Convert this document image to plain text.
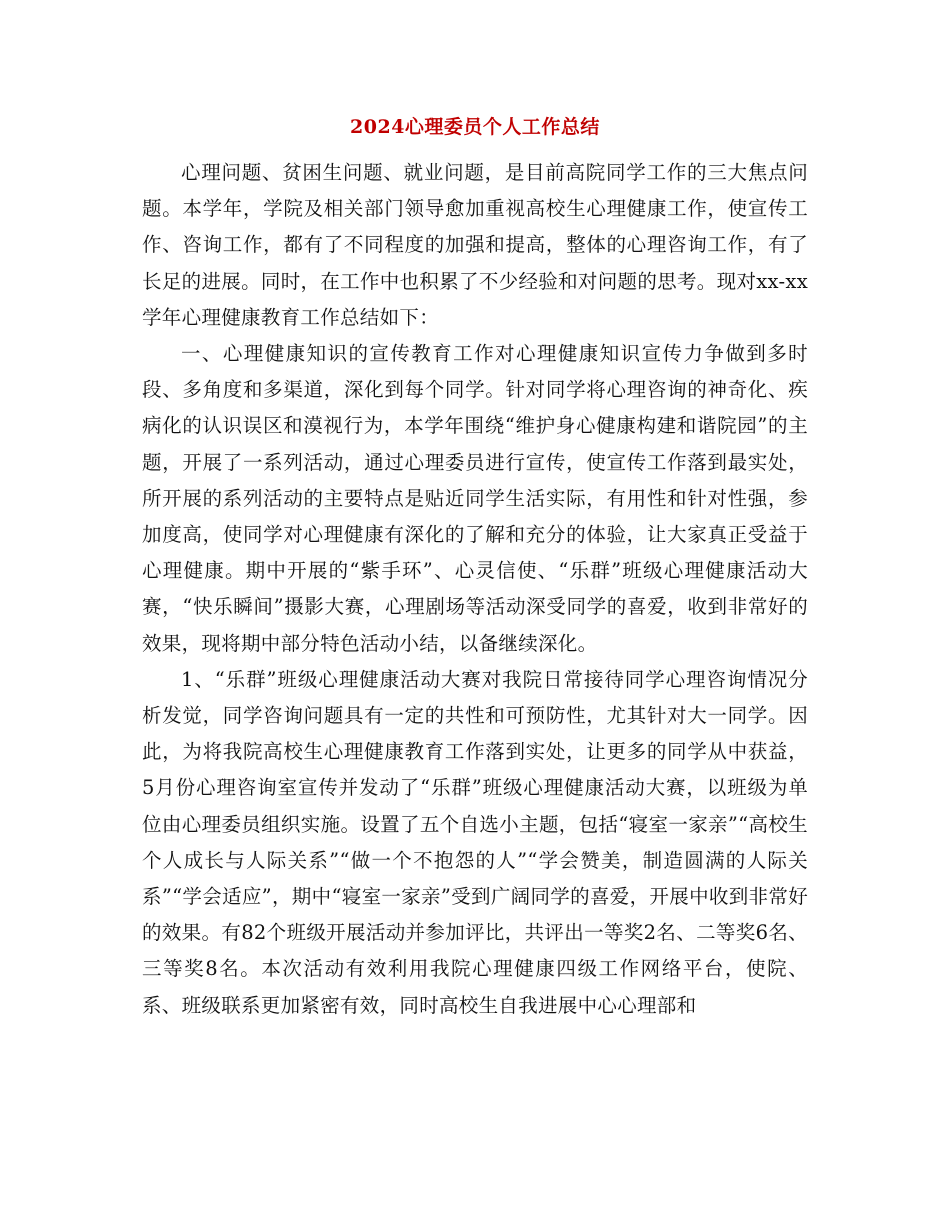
2024心理委员个人工作总结

心理问题、贫困生问题、就业问题，是目前高院同学工作的三大焦点问题。本学年，学院及相关部门领导愈加重视高校生心理健康工作，使宣传工作、咨询工作，都有了不同程度的加强和提高，整体的心理咨询工作，有了长足的进展。同时，在工作中也积累了不少经验和对问题的思考。现对xx-xx学年心理健康教育工作总结如下：

一、心理健康知识的宣传教育工作对心理健康知识宣传力争做到多时段、多角度和多渠道，深化到每个同学。针对同学将心理咨询的神奇化、疾病化的认识误区和漠视行为，本学年围绕“维护身心健康构建和谐院园”的主题，开展了一系列活动，通过心理委员进行宣传，使宣传工作落到最实处，所开展的系列活动的主要特点是贴近同学生活实际，有用性和针对性强，参加度高，使同学对心理健康有深化的了解和充分的体验，让大家真正受益于心理健康。期中开展的“紫手环”、心灵信使、“乐群”班级心理健康活动大赛，“快乐瞬间”摄影大赛，心理剧场等活动深受同学的喜爱，收到非常好的效果，现将期中部分特色活动小结，以备继续深化。

1、“乐群”班级心理健康活动大赛对我院日常接待同学心理咨询情况分析发觉，同学咨询问题具有一定的共性和可预防性，尤其针对大一同学。因此，为将我院高校生心理健康教育工作落到实处，让更多的同学从中获益，5月份心理咨询室宣传并发动了“乐群”班级心理健康活动大赛，以班级为单位由心理委员组织实施。设置了五个自选小主题，包括“寝室一家亲”“高校生个人成长与人际关系”“做一个不抱怨的人”“学会赞美，制造圆满的人际关系”“学会适应”，期中“寝室一家亲”受到广阔同学的喜爱，开展中收到非常好的效果。有82个班级开展活动并参加评比，共评出一等奖2名、二等奖6名、三等奖8名。本次活动有效利用我院心理健康四级工作网络平台，使院、系、班级联系更加紧密有效，同时高校生自我进展中心心理部和
